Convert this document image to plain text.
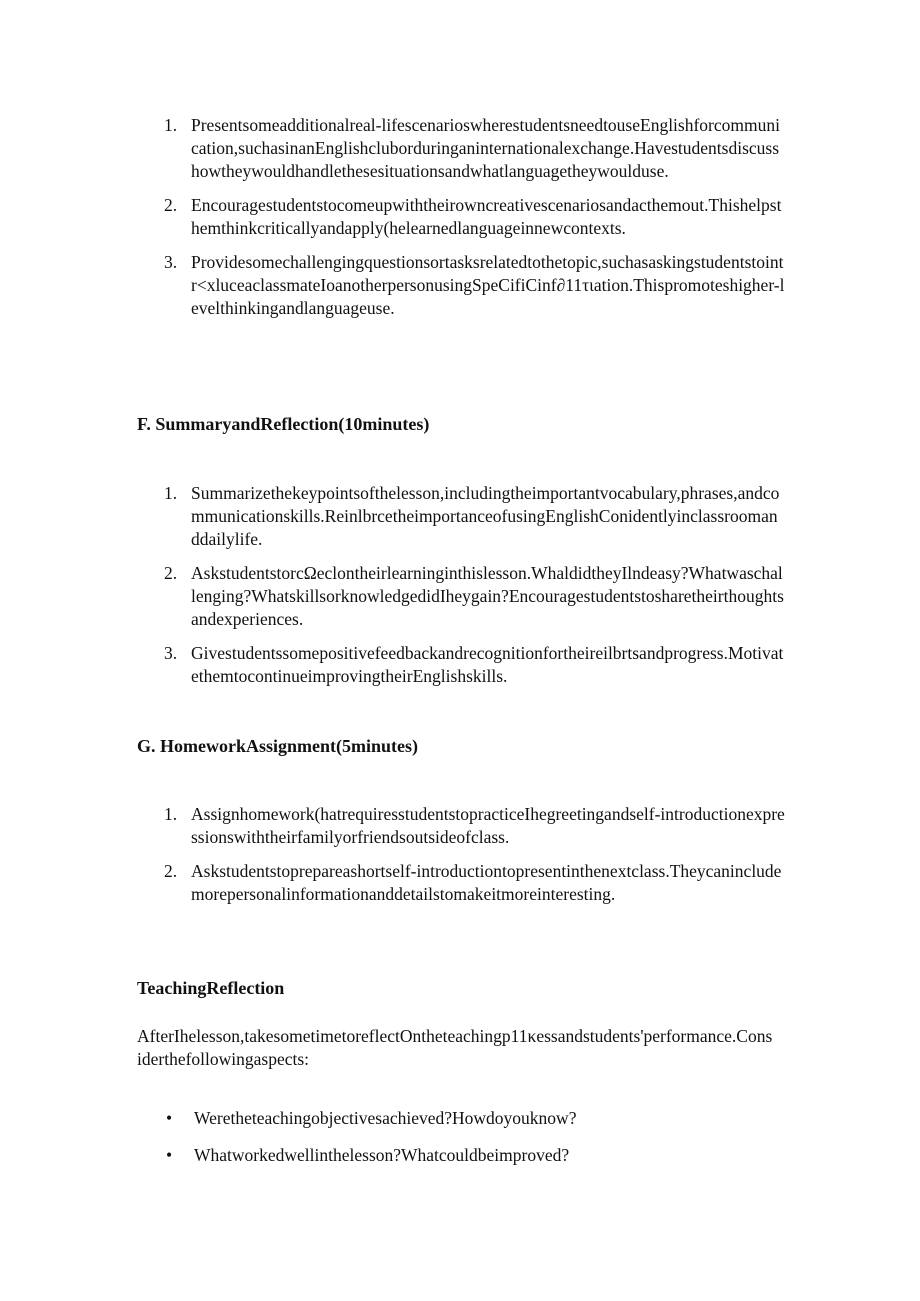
1. Presentsomeadditionalreal-lifescenarioswherestudentsneedtouseEnglishforcommunication,suchasinanEnglishcluborduringaninternationalexchange.Havestudentsdiscusshowtheywouldhandlethesesituationsandwhatlanguagetheywoulduse.
2. Encouragestudentstocomeupwiththeirowncreativescenariosandacthemout.Thishelpsthemthinkcriticallyandapply(helearnedlanguageinnewcontexts.
3. Providesomechallengingquestionsortasksrelatedtothetopic,suchasaskingstudentstointr<xluceaclassmateIoanotherpersonusingSpeCifiCinf∂11τιation.Thispromoteshigher-levelthinkingandlanguageuse.
F. SummaryandReflection(10minutes)
1. Summarizethekeypointsofthelesson,includingtheimportantvocabulary,phrases,andcommunicationskills.ReinlbrcetheimportanceofusingEnglishConidentlyinclassroomanddailylife.
2. AskstudentstorcΩeclontheirlearninginthislesson.WhaldidtheyIlndeasy?Whatwaschallenging?WhatskillsorknowledgedidIheygain?Encouragestudentstosharetheirthoughtsandexperiences.
3. Givestudentssomepositivefeedbackandrecognitionfortheireilbrtsandprogress.MotivatethemtocontinueimprovingtheirEnglishskills.
G. HomeworkAssignment(5minutes)
1. Assignhomework(hatrequiresstudentstopracticeIhegreetingandself-introductionexpressionswiththeirfamilyorfriendsoutsideofclass.
2. Askstudentstoprepareashortself-introductiontopresentinthenextclass.Theycanincludemorepersonalinformationanddetailstomakeitmoreinteresting.
TeachingReflection
AfterIhelesson,takesometimetoreflectOntheteachingp11κessandstudents'performance.Considerthefollowingaspects:
• Weretheteachingobjectivesachieved?Howdoyouknow?
• Whatworkedwellinthelesson?Whatcouldbeimproved?
